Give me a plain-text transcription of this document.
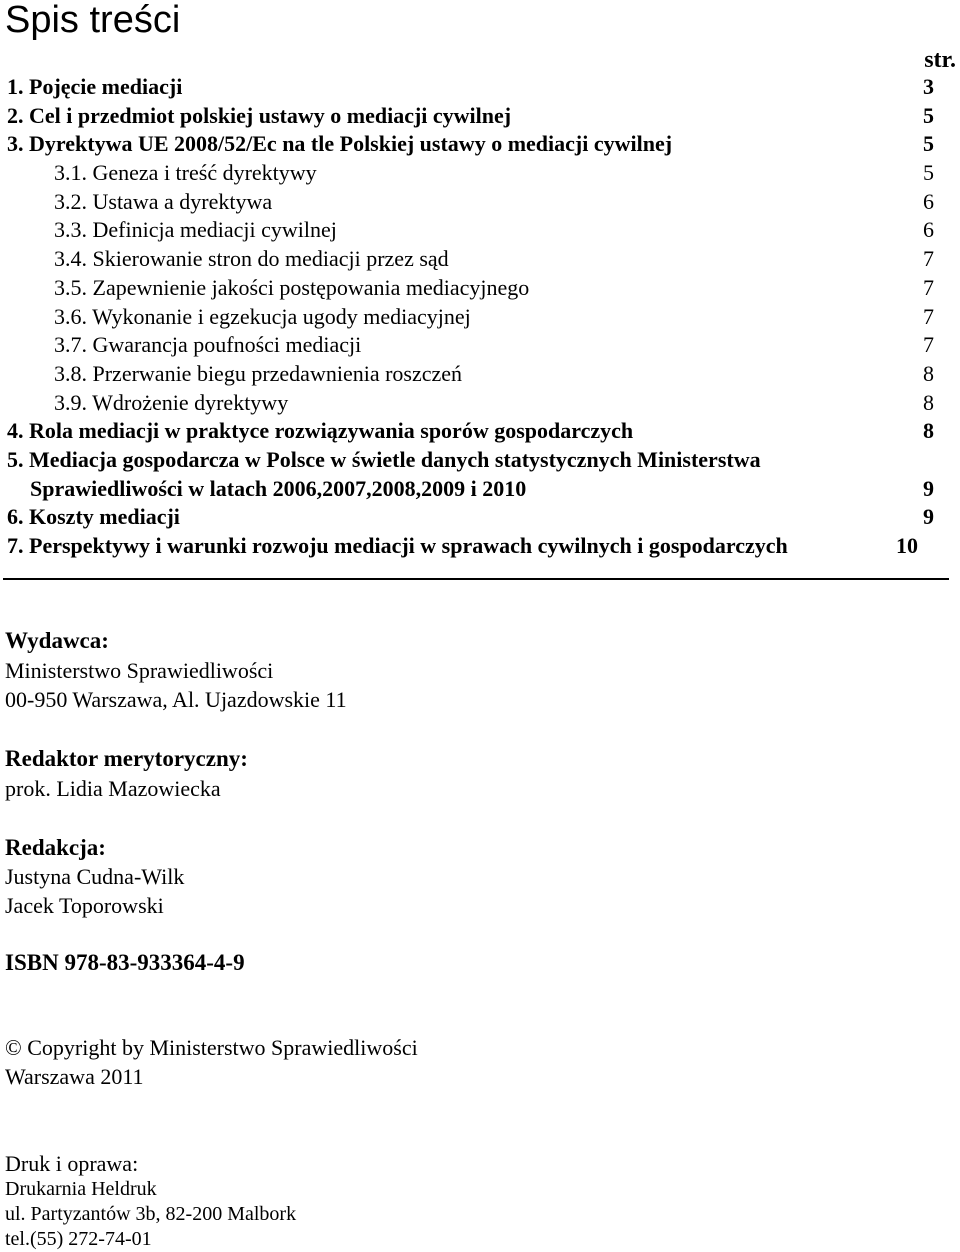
Spis treści
str.
1. Pojęcie mediacji	3
2. Cel i przedmiot polskiej ustawy o mediacji cywilnej	5
3. Dyrektywa UE 2008/52/Ec na tle Polskiej ustawy o mediacji cywilnej	5
3.1. Geneza i treść dyrektywy	5
3.2. Ustawa a dyrektywa	6
3.3. Definicja mediacji cywilnej	6
3.4. Skierowanie stron do mediacji przez sąd	7
3.5. Zapewnienie jakości postępowania mediacyjnego	7
3.6. Wykonanie i egzekucja ugody mediacyjnej	7
3.7. Gwarancja poufności mediacji	7
3.8. Przerwanie biegu przedawnienia roszczeń	8
3.9. Wdrożenie dyrektywy	8
4. Rola mediacji w praktyce rozwiązywania sporów gospodarczych	8
5. Mediacja gospodarcza w Polsce w świetle danych statystycznych Ministerstwa
Sprawiedliwości w latach 2006,2007,2008,2009 i 2010	9
6. Koszty mediacji	9
7. Perspektywy i warunki rozwoju mediacji w sprawach cywilnych i gospodarczych	10
Wydawca:
Ministerstwo Sprawiedliwości
00-950 Warszawa, Al. Ujazdowskie 11
Redaktor merytoryczny:
prok. Lidia Mazowiecka
Redakcja:
Justyna Cudna-Wilk
Jacek Toporowski
ISBN 978-83-933364-4-9
© Copyright by Ministerstwo Sprawiedliwości
Warszawa 2011
Druk i oprawa:
Drukarnia Heldruk
ul. Partyzantów 3b, 82-200 Malbork
tel.(55) 272-74-01
